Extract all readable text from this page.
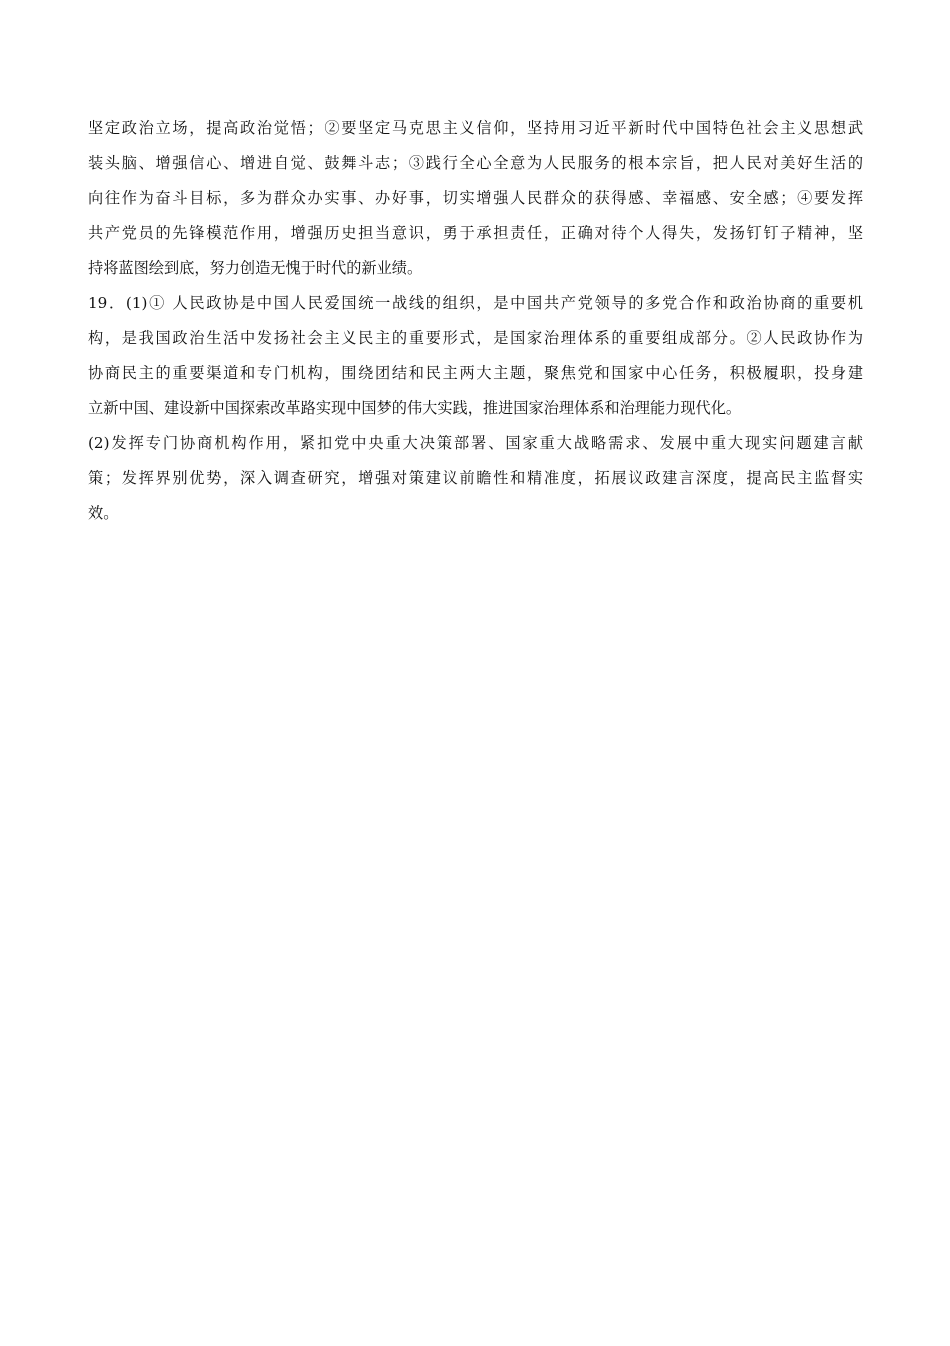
坚定政治立场，提高政治觉悟；②要坚定马克思主义信仰，坚持用习近平新时代中国特色社会主义思想武
装头脑、增强信心、增进自觉、鼓舞斗志；③践行全心全意为人民服务的根本宗旨，把人民对美好生活的
向往作为奋斗目标，多为群众办实事、办好事，切实增强人民群众的获得感、幸福感、安全感；④要发挥
共产党员的先锋模范作用，增强历史担当意识，勇于承担责任，正确对待个人得失，发扬钉钉子精神，坚
持将蓝图绘到底，努力创造无愧于时代的新业绩。
19．(1)① 人民政协是中国人民爱国统一战线的组织，是中国共产党领导的多党合作和政治协商的重要机
构，是我国政治生活中发扬社会主义民主的重要形式，是国家治理体系的重要组成部分。②人民政协作为
协商民主的重要渠道和专门机构，围绕团结和民主两大主题，聚焦党和国家中心任务，积极履职，投身建
立新中国、建设新中国探索改革路实现中国梦的伟大实践，推进国家治理体系和治理能力现代化。
(2)发挥专门协商机构作用，紧扣党中央重大决策部署、国家重大战略需求、发展中重大现实问题建言献
策；发挥界别优势，深入调查研究，增强对策建议前瞻性和精准度，拓展议政建言深度，提高民主监督实
效。
